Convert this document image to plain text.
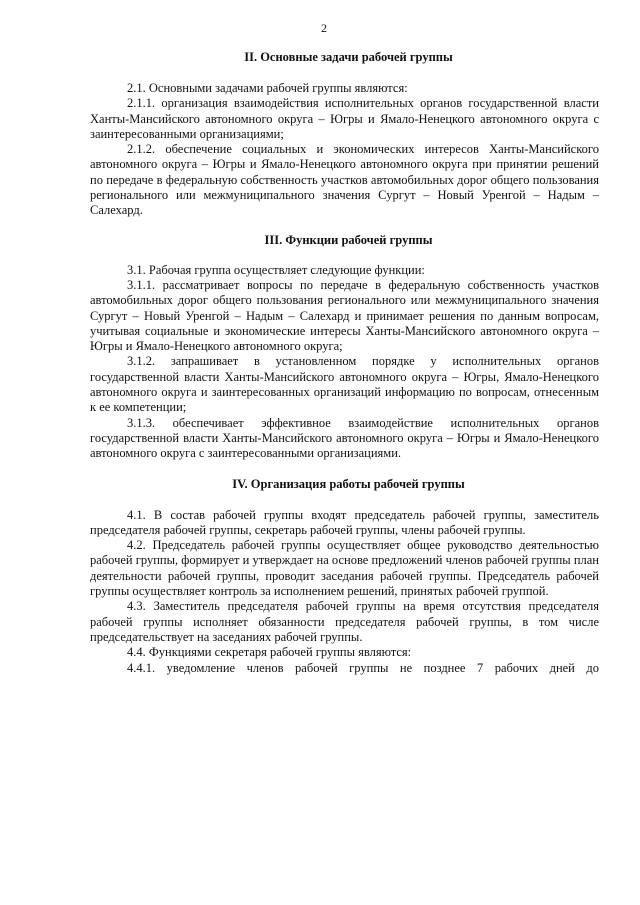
2
II. Основные задачи рабочей группы

2.1. Основными задачами рабочей группы являются:

2.1.1. организация взаимодействия исполнительных органов государственной власти Ханты-Мансийского автономного округа – Югры и Ямало-Ненецкого автономного округа с заинтересованными организациями;

2.1.2. обеспечение социальных и экономических интересов Ханты-Мансийского автономного округа – Югры и Ямало-Ненецкого автономного округа при принятии решений по передаче в федеральную собственность участков автомобильных дорог общего пользования регионального или межмуниципального значения Сургут – Новый Уренгой – Надым – Салехард.

III. Функции рабочей группы

3.1. Рабочая группа осуществляет следующие функции:

3.1.1. рассматривает вопросы по передаче в федеральную собственность участков автомобильных дорог общего пользования регионального или межмуниципального значения Сургут – Новый Уренгой – Надым – Салехард и принимает решения по данным вопросам, учитывая социальные и экономические интересы Ханты-Мансийского автономного округа – Югры и Ямало-Ненецкого автономного округа;

3.1.2. запрашивает в установленном порядке у исполнительных органов государственной власти Ханты-Мансийского автономного округа – Югры, Ямало-Ненецкого автономного округа и заинтересованных организаций информацию по вопросам, отнесенным к ее компетенции;

3.1.3. обеспечивает эффективное взаимодействие исполнительных органов государственной власти Ханты-Мансийского автономного округа – Югры и Ямало-Ненецкого автономного округа с заинтересованными организациями.

IV. Организация работы рабочей группы

4.1. В состав рабочей группы входят председатель рабочей группы, заместитель председателя рабочей группы, секретарь рабочей группы, члены рабочей группы.

4.2. Председатель рабочей группы осуществляет общее руководство деятельностью рабочей группы, формирует и утверждает на основе предложений членов рабочей группы план деятельности рабочей группы, проводит заседания рабочей группы. Председатель рабочей группы осуществляет контроль за исполнением решений, принятых рабочей группой.

4.3. Заместитель председателя рабочей группы на время отсутствия председателя рабочей группы исполняет обязанности председателя рабочей группы, в том числе председательствует на заседаниях рабочей группы.

4.4. Функциями секретаря рабочей группы являются:

4.4.1. уведомление членов рабочей группы не позднее 7 рабочих дней до
